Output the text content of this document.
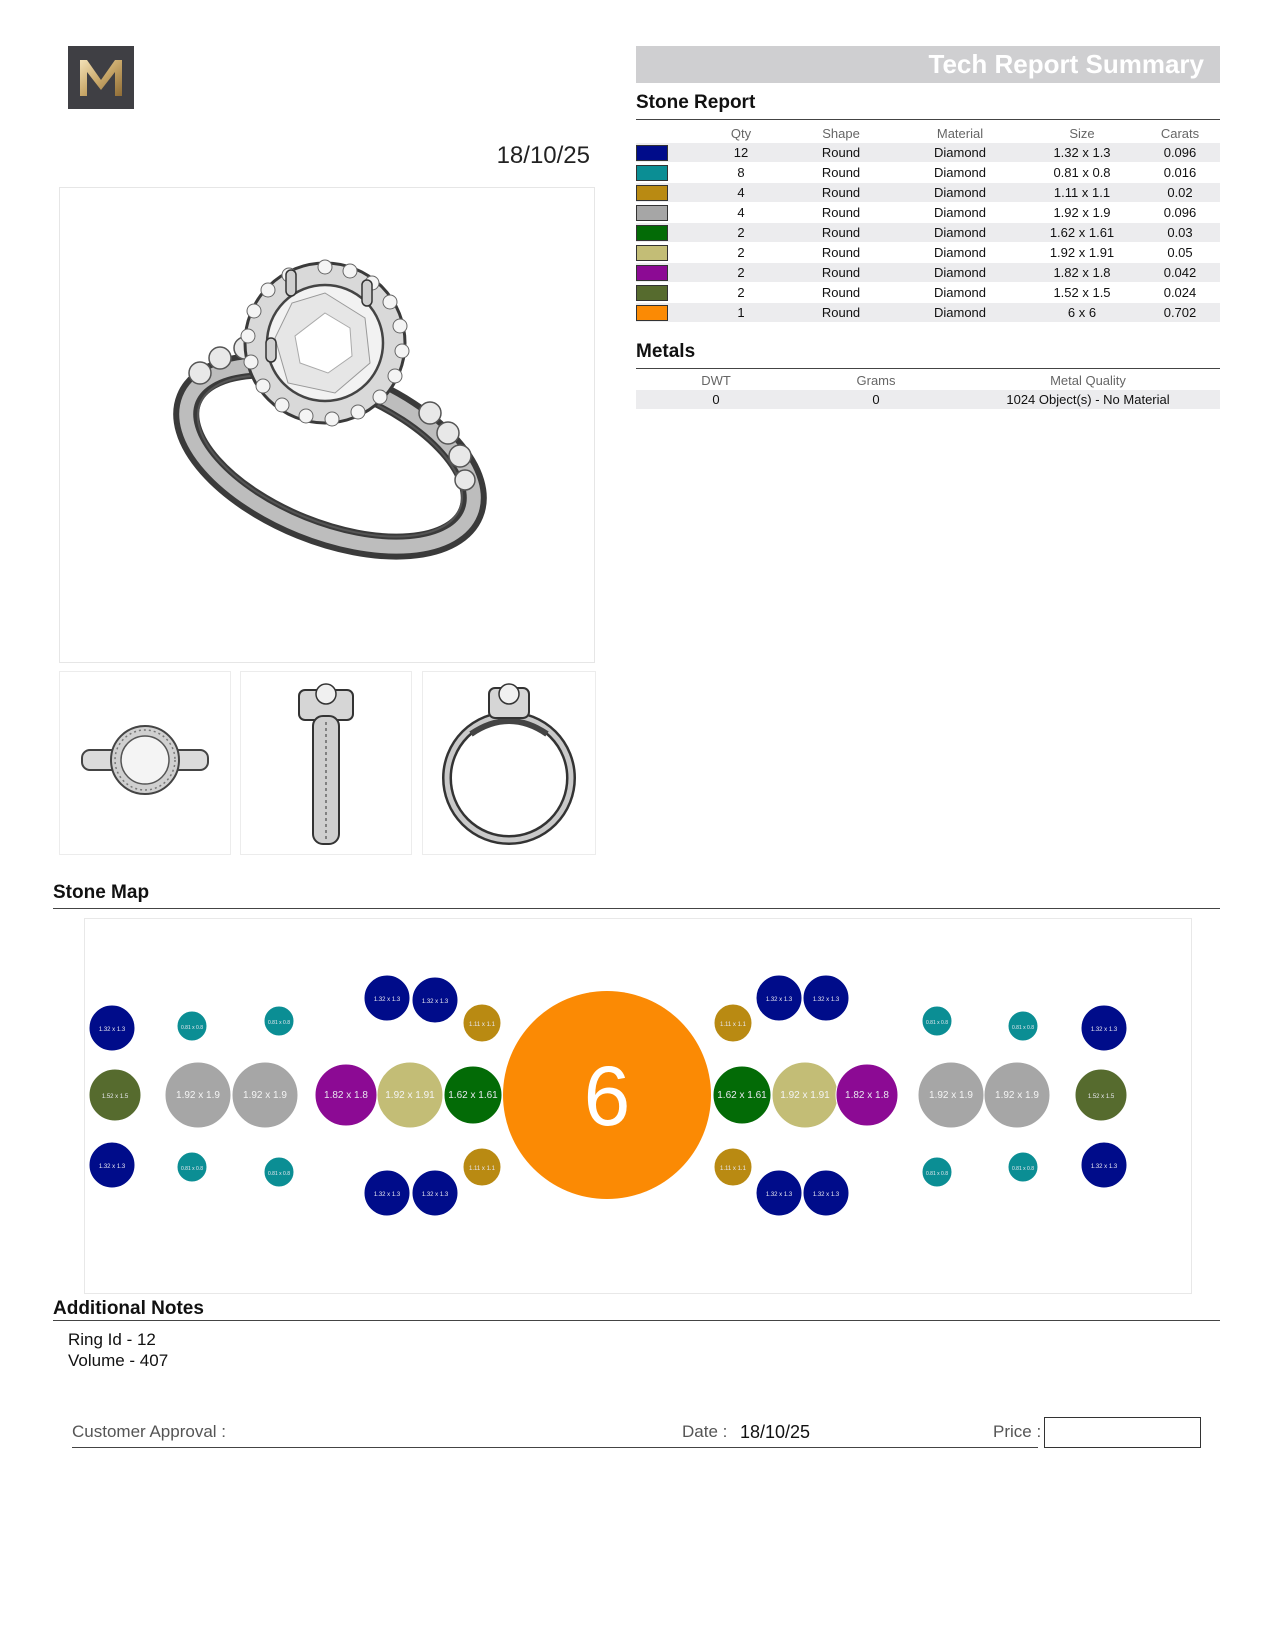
18/10/25
Tech Report Summary
Stone Report
	Qty	Shape	Material	Size	Carats
	12	Round	Diamond	1.32 x 1.3	0.096
	8	Round	Diamond	0.81 x 0.8	0.016
	4	Round	Diamond	1.11 x 1.1	0.02
	4	Round	Diamond	1.92 x 1.9	0.096
	2	Round	Diamond	1.62 x 1.61	0.03
	2	Round	Diamond	1.92 x 1.91	0.05
	2	Round	Diamond	1.82 x 1.8	0.042
	2	Round	Diamond	1.52 x 1.5	0.024
	1	Round	Diamond	6 x 6	0.702
Metals
DWT	Grams	Metal Quality
0	0	1024 Object(s) - No Material
Stone Map
1.32 x 1.3
1.52 x 1.5
1.32 x 1.3
0.81 x 0.8
1.92 x 1.9
0.81 x 0.8
1.92 x 1.9
0.81 x 0.8
0.81 x 0.8
1.82 x 1.8 1.92 x 1.91 1.62 x 1.61
1.32 x 1.3	1.32 x 1.3
1.32 x 1.3	1.32 x 1.3
1.11 x 1.1
1.11 x 1.1
1.11 x 1.1
1.11 x 1.1
1.62 x 1.61 1.92 x 1.91 1.82 x 1.8
1.32 x 1.3	1.32 x 1.3
1.32 x 1.3	1.32 x 1.3
0.81 x 0.8
0.81 x 0.8
1.92 x 1.9 1.92 x 1.9
0.81 x 0.8
0.81 x 0.8
1.32 x 1.3
1.52 x 1.5
1.32 x 1.3
6
Additional Notes
Ring Id - 12
Volume - 407
Customer Approval :	Date : 18/10/25	Price :
